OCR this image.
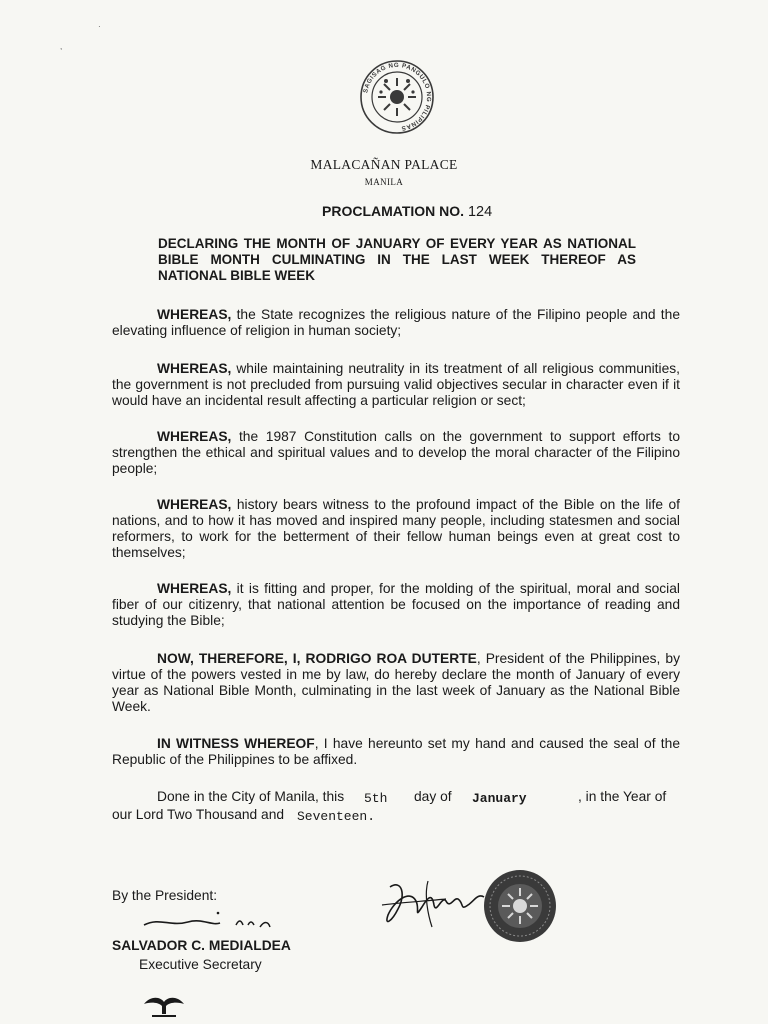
,
·
SAGISAG NG PANGULO NG PILIPINAS
MALACAÑAN PALACE
MANILA
PROCLAMATION NO. 124
DECLARING THE MONTH OF JANUARY OF EVERY YEAR AS NATIONAL BIBLE MONTH CULMINATING IN THE LAST WEEK THEREOF AS NATIONAL BIBLE WEEK
WHEREAS, the State recognizes the religious nature of the Filipino people and the elevating influence of religion in human society;
WHEREAS, while maintaining neutrality in its treatment of all religious communities, the government is not precluded from pursuing valid objectives secular in character even if it would have an incidental result affecting a particular religion or sect;
WHEREAS, the 1987 Constitution calls on the government to support efforts to strengthen the ethical and spiritual values and to develop the moral character of the Filipino people;
WHEREAS, history bears witness to the profound impact of the Bible on the life of nations, and to how it has moved and inspired many people, including statesmen and social reformers, to work for the betterment of their fellow human beings even at great cost to themselves;
WHEREAS, it is fitting and proper, for the molding of the spiritual, moral and social fiber of our citizenry, that national attention be focused on the importance of reading and studying the Bible;
NOW, THEREFORE, I, RODRIGO ROA DUTERTE, President of the Philippines, by virtue of the powers vested in me by law, do hereby declare the month of January of every year as National Bible Month, culminating in the last week of January as the National Bible Week.
IN WITNESS WHEREOF, I have hereunto set my hand and caused the seal of the Republic of the Philippines to be affixed.
Done in the City of Manila, this 5th day of January	, in the Year of
our Lord Two Thousand and Seventeen.
By the President:
SALVADOR C. MEDIALDEA
Executive Secretary
